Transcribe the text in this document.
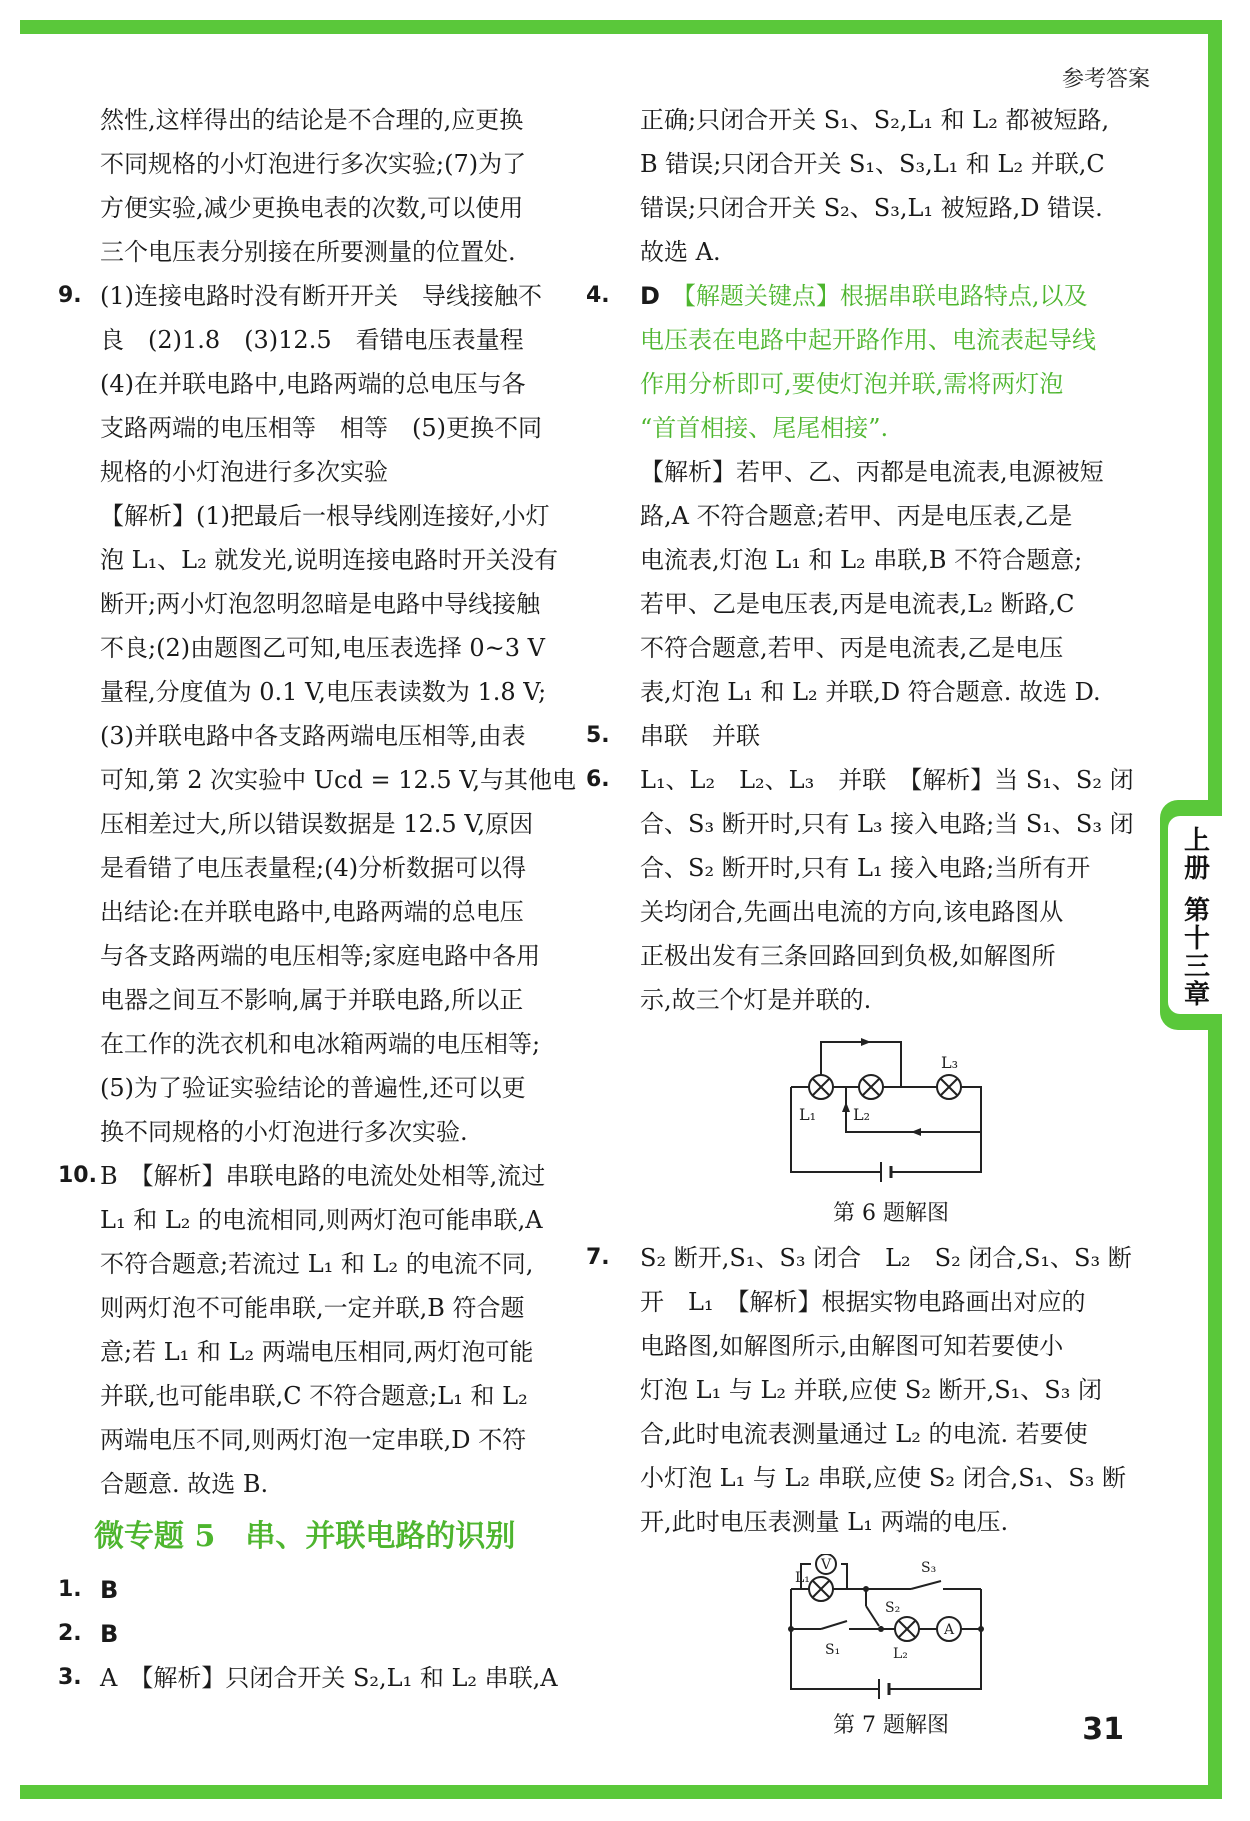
上册
第十三章
参考答案
31

然性,这样得出的结论是不合理的,应更换

不同规格的小灯泡进行多次实验;(7)为了

方便实验,减少更换电表的次数,可以使用

三个电压表分别接在所要测量的位置处.

9. (1)连接电路时没有断开开关　导线接触不

良　(2)1.8　(3)12.5　看错电压表量程

(4)在并联电路中,电路两端的总电压与各

支路两端的电压相等　相等　(5)更换不同

规格的小灯泡进行多次实验

【解析】(1)把最后一根导线刚连接好,小灯

泡 L₁、L₂ 就发光,说明连接电路时开关没有

断开;两小灯泡忽明忽暗是电路中导线接触

不良;(2)由题图乙可知,电压表选择 0~3 V

量程,分度值为 0.1 V,电压表读数为 1.8 V;

(3)并联电路中各支路两端电压相等,由表

可知,第 2 次实验中 Ucd = 12.5 V,与其他电

压相差过大,所以错误数据是 12.5 V,原因

是看错了电压表量程;(4)分析数据可以得

出结论:在并联电路中,电路两端的总电压

与各支路两端的电压相等;家庭电路中各用

电器之间互不影响,属于并联电路,所以正

在工作的洗衣机和电冰箱两端的电压相等;

(5)为了验证实验结论的普遍性,还可以更

换不同规格的小灯泡进行多次实验.

10. B　【解析】串联电路的电流处处相等,流过

L₁ 和 L₂ 的电流相同,则两灯泡可能串联,A

不符合题意;若流过 L₁ 和 L₂ 的电流不同,

则两灯泡不可能串联,一定并联,B 符合题

意;若 L₁ 和 L₂ 两端电压相同,两灯泡可能

并联,也可能串联,C 不符合题意;L₁ 和 L₂

两端电压不同,则两灯泡一定串联,D 不符

合题意. 故选 B.

微专题 5　串、并联电路的识别
1. B

2. B

3. A　【解析】只闭合开关 S₂,L₁ 和 L₂ 串联,A

正确;只闭合开关 S₁、S₂,L₁ 和 L₂ 都被短路,

B 错误;只闭合开关 S₁、S₃,L₁ 和 L₂ 并联,C

错误;只闭合开关 S₂、S₃,L₁ 被短路,D 错误.

故选 A.

4. D　 【解题关键点】根据串联电路特点,以及

电压表在电路中起开路作用、电流表起导线

作用分析即可,要使灯泡并联,需将两灯泡

“首首相接、尾尾相接”.

【解析】若甲、乙、丙都是电流表,电源被短

路,A 不符合题意;若甲、丙是电压表,乙是

电流表,灯泡 L₁ 和 L₂ 串联,B 不符合题意;

若甲、乙是电压表,丙是电流表,L₂ 断路,C

不符合题意,若甲、丙是电流表,乙是电压

表,灯泡 L₁ 和 L₂ 并联,D 符合题意. 故选 D.

5. 串联　并联

6. L₁、L₂　L₂、L₃　并联　【解析】当 S₁、S₂ 闭

合、S₃ 断开时,只有 L₃ 接入电路;当 S₁、S₃ 闭

合、S₂ 断开时,只有 L₁ 接入电路;当所有开

关均闭合,先画出电流的方向,该电路图从

正极出发有三条回路回到负极,如解图所

示,故三个灯是并联的.

L₁ L₂
L₃

第 6 题解图

7. S₂ 断开,S₁、S₃ 闭合　L₂　S₂ 闭合,S₁、S₃ 断

开　L₁　【解析】根据实物电路画出对应的

电路图,如解图所示,由解图可知若要使小

灯泡 L₁ 与 L₂ 并联,应使 S₂ 断开,S₁、S₃ 闭

合,此时电流表测量通过 L₂ 的电流. 若要使

小灯泡 L₁ 与 L₂ 串联,应使 S₂ 闭合,S₁、S₃ 断

开,此时电压表测量 L₁ 两端的电压.

V
L₁
S₃
S₂
A
S₁	L₂

第 7 题解图
